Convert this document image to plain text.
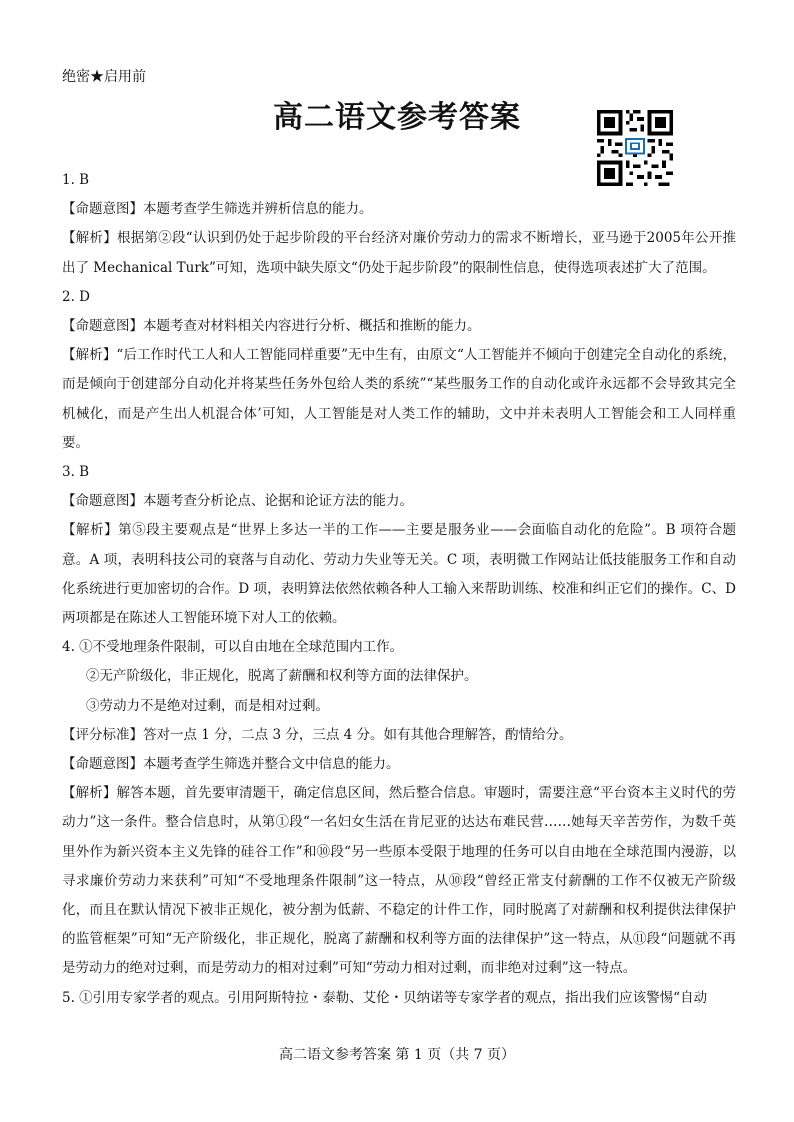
绝密★启用前
高二语文参考答案

1. B

【命题意图】本题考查学生筛选并辨析信息的能力。

【解析】根据第②段“认识到仍处于起步阶段的平台经济对廉价劳动力的需求不断增长，亚马逊于2005年公开推出了 Mechanical Turk”可知，选项中缺失原文“仍处于起步阶段”的限制性信息，使得选项表述扩大了范围。

2. D

【命题意图】本题考查对材料相关内容进行分析、概括和推断的能力。

【解析】“后工作时代工人和人工智能同样重要”无中生有，由原文“人工智能并不倾向于创建完全自动化的系统，而是倾向于创建部分自动化并将某些任务外包给人类的系统”“某些服务工作的自动化或许永远都不会导致其完全机械化，而是产生出人机混合体’可知，人工智能是对人类工作的辅助，文中并未表明人工智能会和工人同样重要。

3. B

【命题意图】本题考查分析论点、论据和论证方法的能力。

【解析】第⑤段主要观点是“世界上多达一半的工作——主要是服务业——会面临自动化的危险”。B 项符合题意。A 项，表明科技公司的衰落与自动化、劳动力失业等无关。C 项，表明微工作网站让低技能服务工作和自动化系统进行更加密切的合作。D 项，表明算法依然依赖各种人工输入来帮助训练、校准和纠正它们的操作。C、D 两项都是在陈述人工智能环境下对人工的依赖。

4. ①不受地理条件限制，可以自由地在全球范围内工作。

②无产阶级化，非正规化，脱离了薪酬和权利等方面的法律保护。

③劳动力不是绝对过剩，而是相对过剩。

【评分标准】答对一点 1 分，二点 3 分，三点 4 分。如有其他合理解答，酌情给分。

【命题意图】本题考查学生筛选并整合文中信息的能力。

【解析】解答本题，首先要审清题干，确定信息区间，然后整合信息。审题时，需要注意“平台资本主义时代的劳动力”这一条件。整合信息时，从第①段“一名妇女生活在肯尼亚的达达布难民营……她每天辛苦劳作，为数千英里外作为新兴资本主义先锋的硅谷工作”和⑩段“另一些原本受限于地理的任务可以自由地在全球范围内漫游，以寻求廉价劳动力来获利”可知“不受地理条件限制”这一特点，从⑩段“曾经正常支付薪酬的工作不仅被无产阶级化，而且在默认情况下被非正规化，被分割为低薪、不稳定的计件工作，同时脱离了对薪酬和权利提供法律保护的监管框架”可知“无产阶级化，非正规化，脱离了薪酬和权利等方面的法律保护”这一特点，从⑪段“问题就不再是劳动力的绝对过剩，而是劳动力的相对过剩”可知“劳动力相对过剩，而非绝对过剩”这一特点。

5. ①引用专家学者的观点。引用阿斯特拉・泰勒、艾伦・贝纳诺等专家学者的观点，指出我们应该警惕“自动

高二语文参考答案 第 1 页（共 7 页）
